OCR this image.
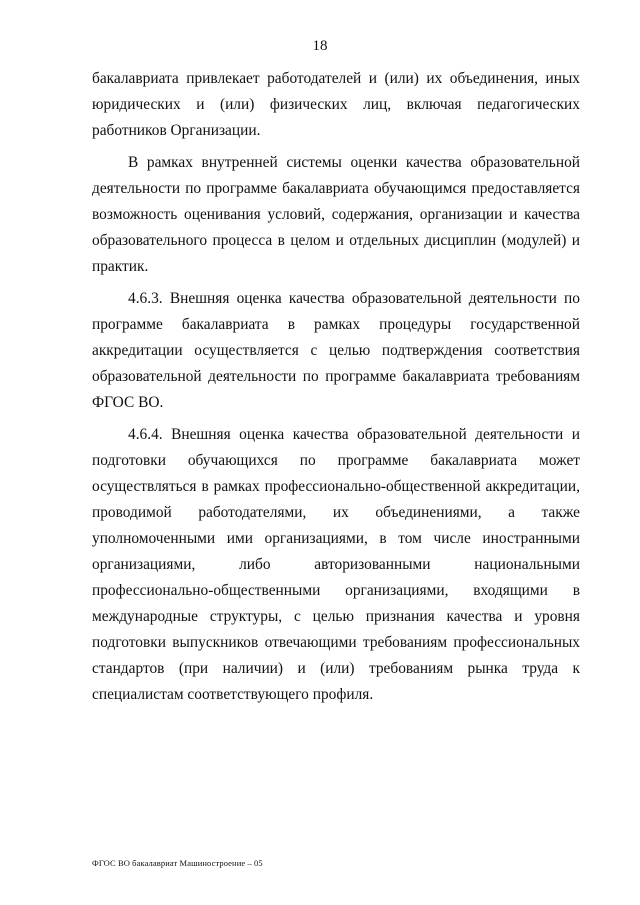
18

бакалавриата привлекает работодателей и (или) их объединения, иных юридических и (или) физических лиц, включая педагогических работников Организации.

В рамках внутренней системы оценки качества образовательной деятельности по программе бакалавриата обучающимся предоставляется возможность оценивания условий, содержания, организации и качества образовательного процесса в целом и отдельных дисциплин (модулей) и практик.

4.6.3. Внешняя оценка качества образовательной деятельности по программе бакалавриата в рамках процедуры государственной аккредитации осуществляется с целью подтверждения соответствия образовательной деятельности по программе бакалавриата требованиям ФГОС ВО.

4.6.4. Внешняя оценка качества образовательной деятельности и подготовки обучающихся по программе бакалавриата может осуществляться в рамках профессионально-общественной аккредитации, проводимой работодателями, их объединениями, а также уполномоченными ими организациями, в том числе иностранными организациями, либо авторизованными национальными профессионально-общественными организациями, входящими в международные структуры, с целью признания качества и уровня подготовки выпускников отвечающими требованиям профессиональных стандартов (при наличии) и (или) требованиям рынка труда к специалистам соответствующего профиля.

ФГОС ВО бакалавриат Машиностроение – 05
